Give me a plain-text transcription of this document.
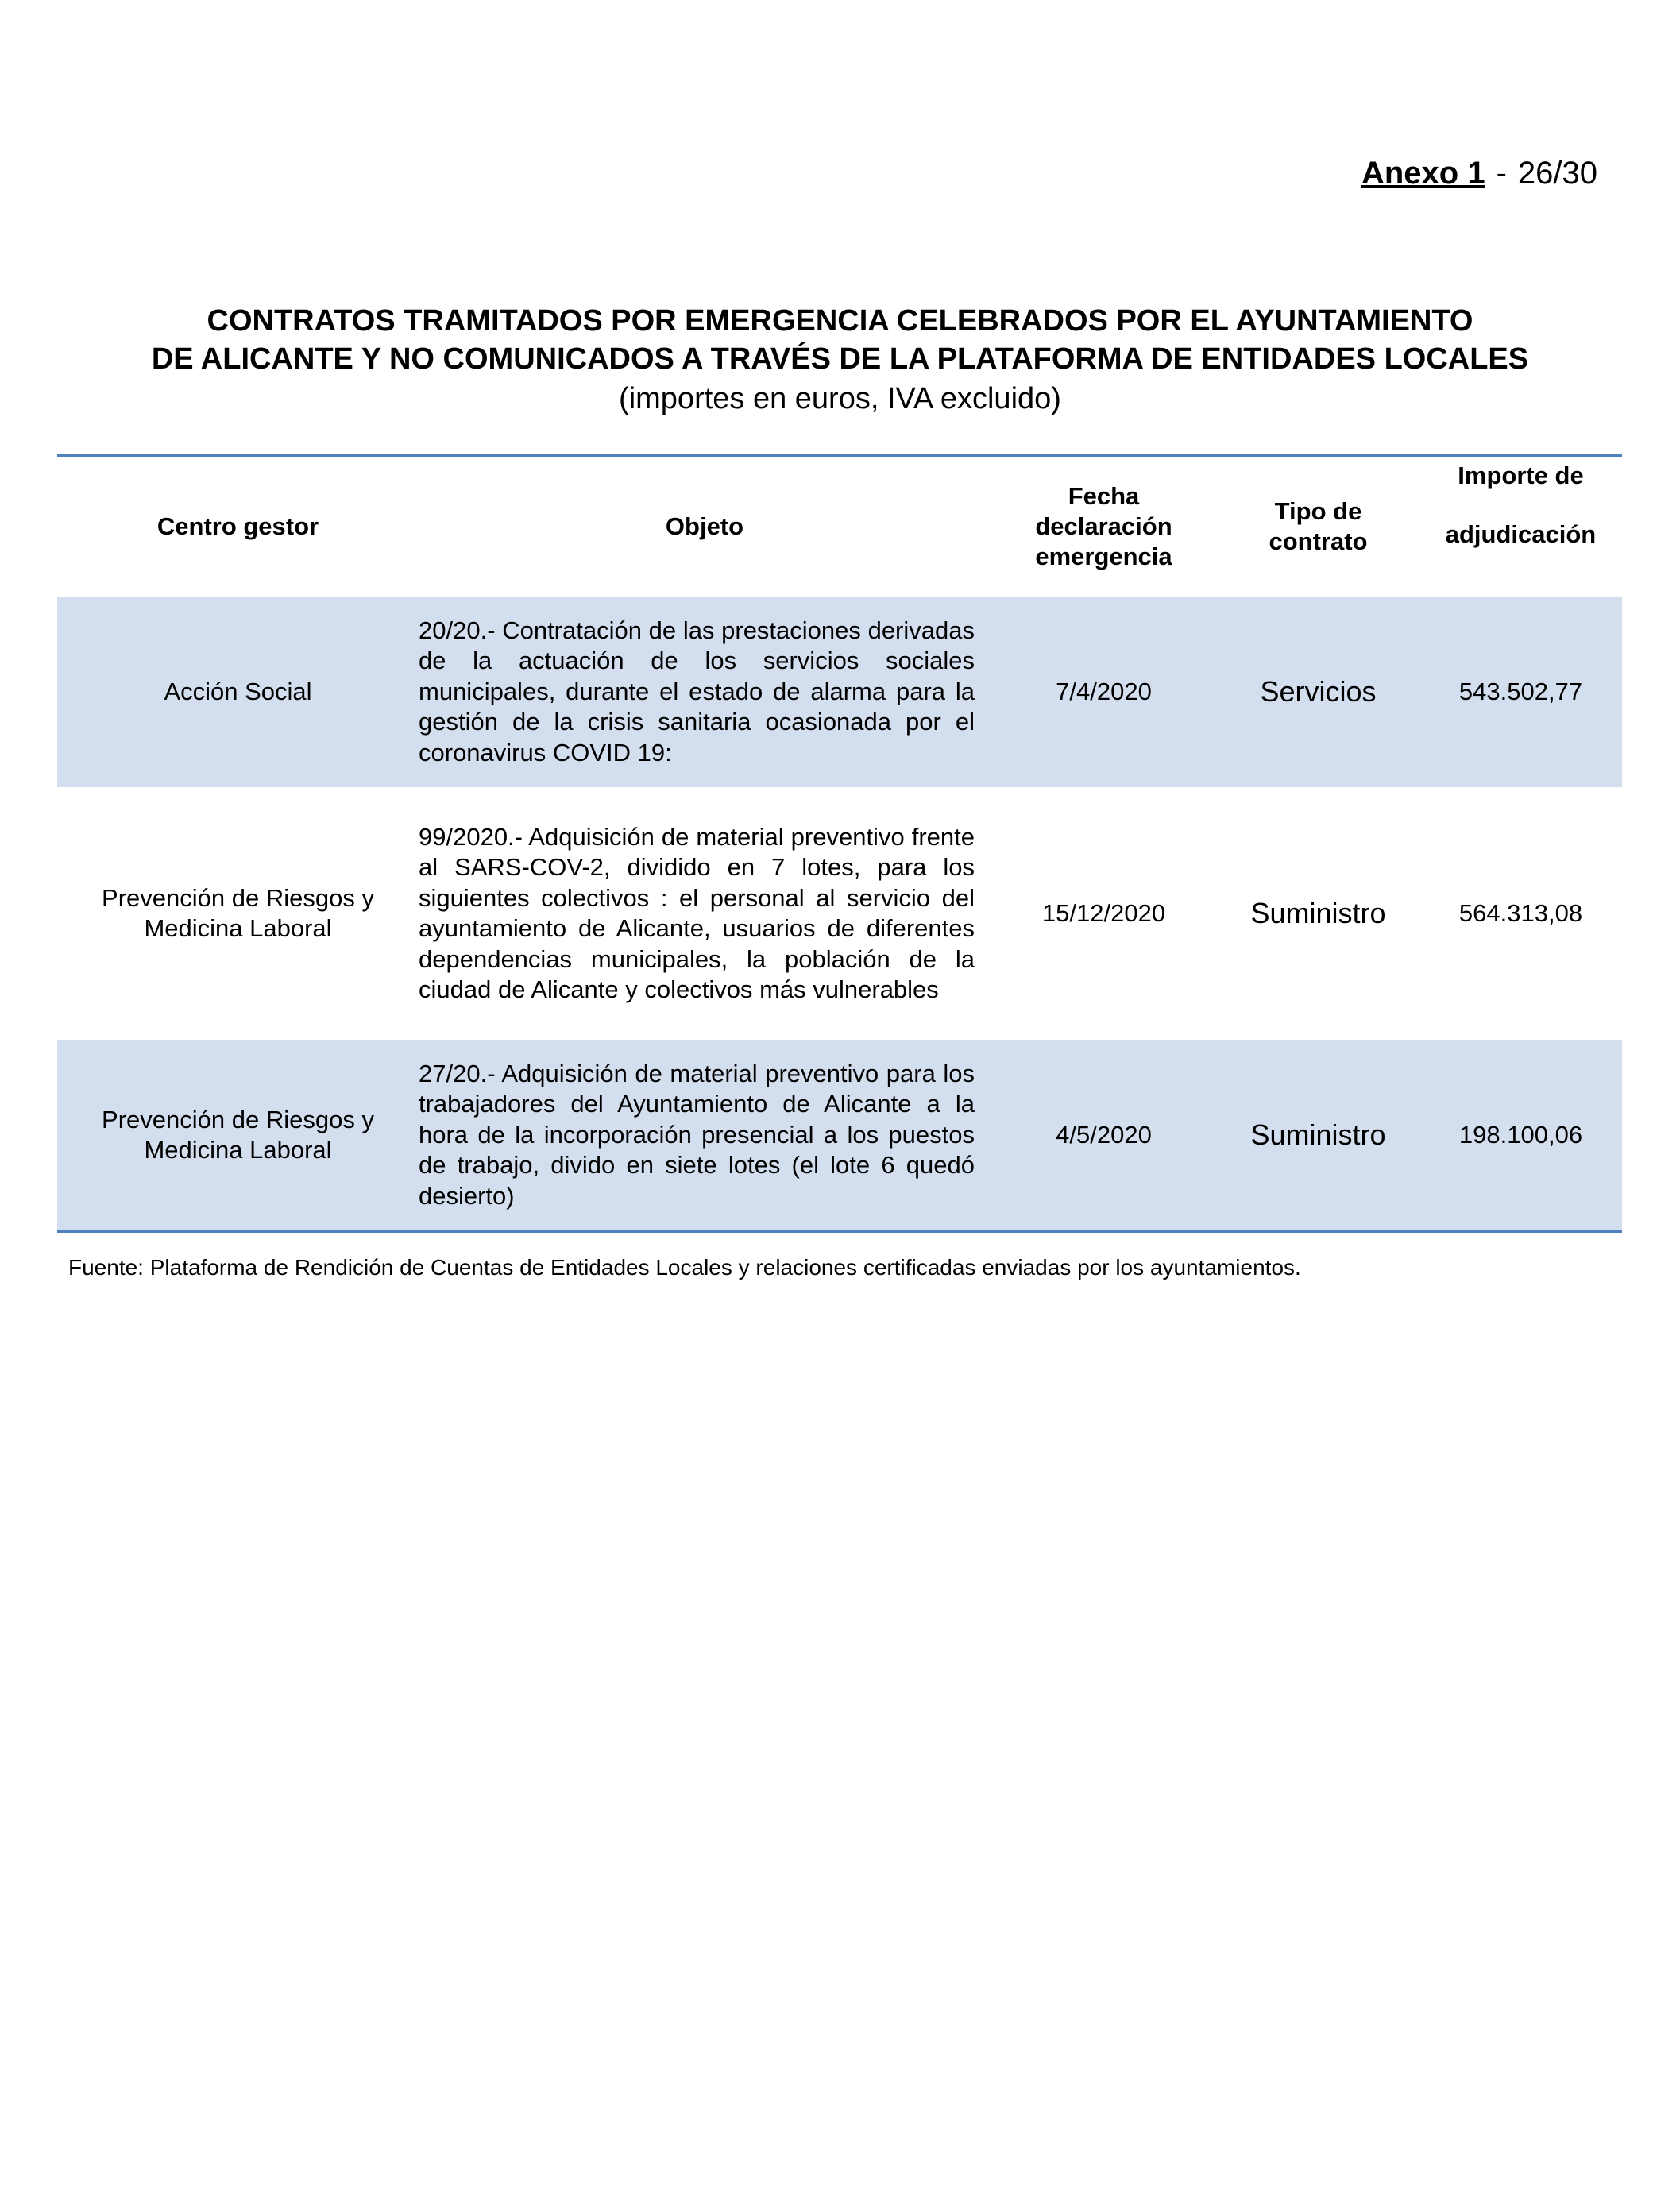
Anexo 1 - 26/30
CONTRATOS TRAMITADOS POR EMERGENCIA CELEBRADOS POR EL AYUNTAMIENTO
DE ALICANTE Y NO COMUNICADOS A TRAVÉS DE LA PLATAFORMA DE ENTIDADES LOCALES
(importes en euros, IVA excluido)
Centro gestor	Objeto	Fecha declaración emergencia	Tipo de contrato	Importe de
adjudicación

Acción Social	20/20.- Contratación de las prestaciones derivadas de la actuación de los servicios sociales municipales, durante el estado de alarma para la gestión de la crisis sanitaria ocasionada por el coronavirus COVID 19:	7/4/2020	Servicios	543.502,77
Prevención de Riesgos y Medicina Laboral	99/2020.- Adquisición de material preventivo frente al SARS-COV-2, dividido en 7 lotes, para los siguientes colectivos : el personal al servicio del ayuntamiento de Alicante, usuarios de diferentes dependencias municipales, la población de la ciudad de Alicante y colectivos más vulnerables	15/12/2020	Suministro	564.313,08
Prevención de Riesgos y Medicina Laboral	27/20.- Adquisición de material preventivo para los trabajadores del Ayuntamiento de Alicante a la hora de la incorporación presencial a los puestos de trabajo, divido en siete lotes (el lote 6 quedó desierto)	4/5/2020	Suministro	198.100,06
Fuente: Plataforma de Rendición de Cuentas de Entidades Locales y relaciones certificadas enviadas por los ayuntamientos.
